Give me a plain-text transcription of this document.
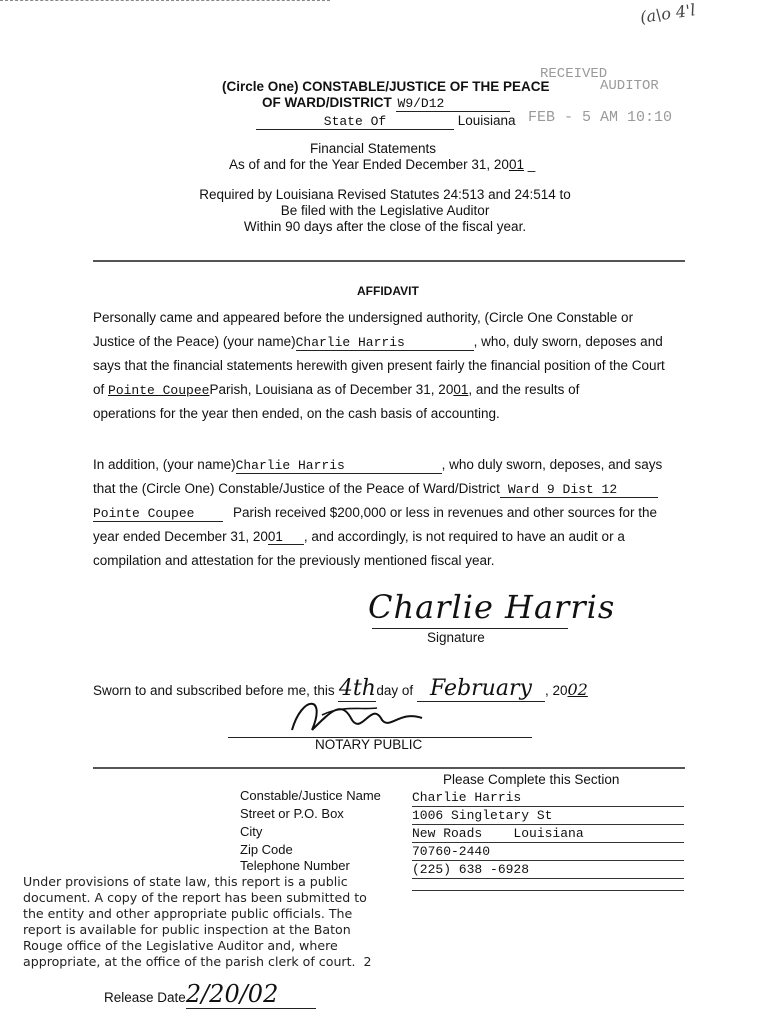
(a\o 4'l
RECEIVED
AUDITOR
FEB - 5 AM 10:10
(Circle One) CONSTABLE/JUSTICE OF THE PEACE
OF WARD/DISTRICT W9/D12
State Of	Louisiana
Financial Statements
As of and for the Year Ended December 31, 2001 _
Required by Louisiana Revised Statutes 24:513 and 24:514 to
Be filed with the Legislative Auditor
Within 90 days after the close of the fiscal year.
AFFIDAVIT
Personally came and appeared before the undersigned authority, (Circle One Constable or
Justice of the Peace) (your name)Charlie Harris	, who, duly sworn, deposes and
says that the financial statements herewith given present fairly the financial position of the Court
of Pointe CoupeeParish, Louisiana as of December 31, 2001, and the results of
operations for the year then ended, on the cash basis of accounting.
In addition, (your name)Charlie Harris	, who duly sworn, deposes, and says
that the (Circle One) Constable/Justice of the Peace of Ward/District Ward 9 Dist 12
Pointe Coupee	Parish received $200,000 or less in revenues and other sources for the
year ended December 31, 2001 , and accordingly, is not required to have an audit or a
compilation and attestation for the previously mentioned fiscal year.
Charlie Harris
Signature
Sworn to and subscribed before me, this 4thday of February , 2002
NOTARY PUBLIC
Please Complete this Section
Constable/Justice Name Charlie Harris
Street or P.O. Box	1006 Singletary St
City	New Roads    Louisiana
Zip Code	70760-2440
Telephone Number	(225) 638 -6928
Under provisions of state law, this report is a public
document. A copy of the report has been submitted to
the entity and other appropriate public officials. The
report is available for public inspection at the Baton
Rouge office of the Legislative Auditor and, where
appropriate, at the office of the parish clerk of court. 2
Release Date2/20/02
